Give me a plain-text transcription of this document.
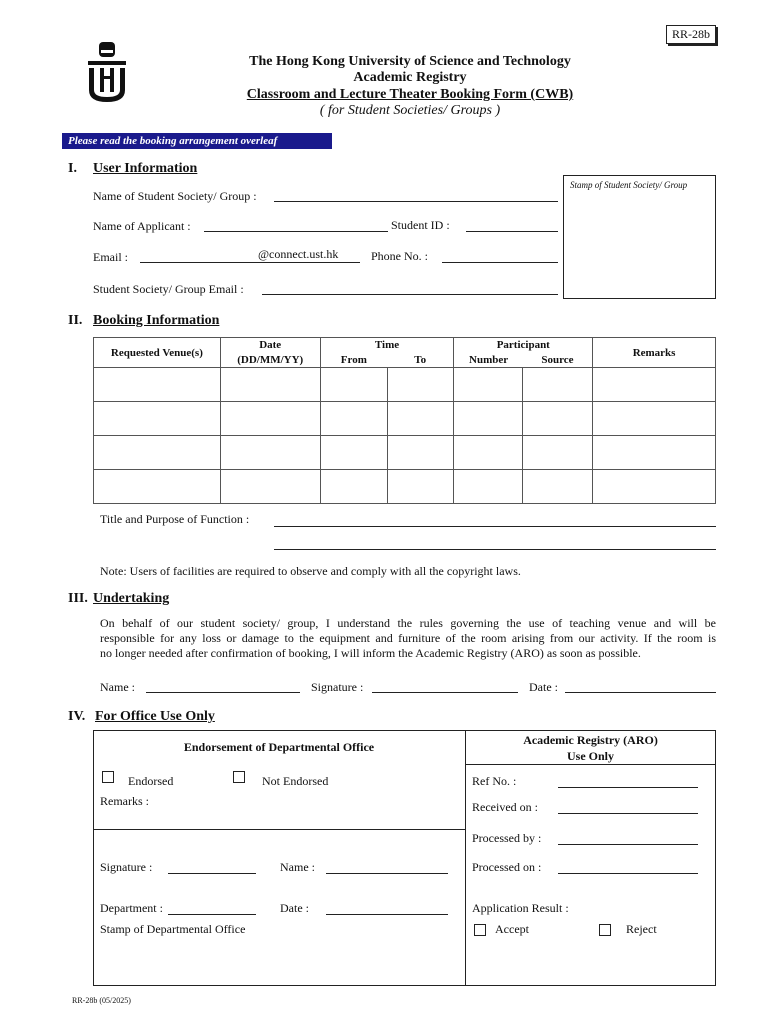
RR-28b
The Hong Kong University of Science and Technology
Academic Registry
Classroom and Lecture Theater Booking Form (CWB)
( for Student Societies/ Groups )
Please read the booking arrangement overleaf
I. User Information
Name of Student Society/ Group :
Name of Applicant :	Student ID :
Email :	@connect.ust.hk	Phone No. :
Student Society/ Group Email :
Stamp of Student Society/ Group
II. Booking Information
Requested Venue(s)	Date	Time		Participant		Remarks
	(DD/MM/YY)	From	To	Number	Source	

Title and Purpose of Function :
Note: Users of facilities are required to observe and comply with all the copyright laws.
III. Undertaking
On behalf of our student society/ group, I understand the rules governing the use of teaching venue and will be
responsible for any loss or damage to the equipment and furniture of the room arising from our activity. If the room is
no longer needed after confirmation of booking, I will inform the Academic Registry (ARO) as soon as possible.
Name :	Signature :	Date :
IV. For Office Use Only
Endorsement of Departmental Office
Endorsed	Not Endorsed
Remarks :
Signature :	Name :
Department :	Date :
Stamp of Departmental Office
Academic Registry (ARO)
Use Only
Ref No. :
Received on :
Processed by :
Processed on :
Application Result :
Accept	Reject
RR-28b (05/2025)
